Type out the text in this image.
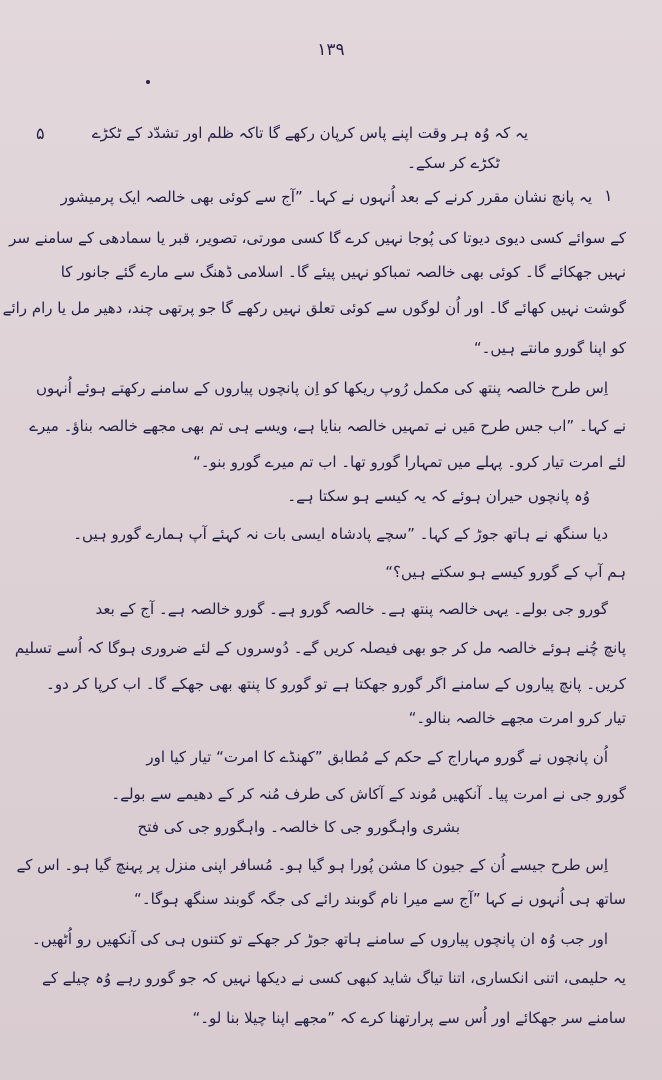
۱۳۹
۵
۱
یہ کہ وُہ ہر وقت اپنے پاس کرپان رکھے گا تاکہ ظلم اور تشدّد کے ٹکڑے
ٹکڑے کر سکے۔
یہ پانچ نشان مقرر کرنے کے بعد اُنہوں نے کہا۔ ”آج سے کوئی بھی خالصہ ایک پرمیشور
کے سوائے کسی دیوی دیوتا کی پُوجا نہیں کرے گا کسی مورتی، تصویر، قبر یا سمادھی کے سامنے سر
نہیں جھکائے گا۔ کوئی بھی خالصہ تمباکو نہیں پیئے گا۔ اسلامی ڈھنگ سے مارے گئے جانور کا
گوشت نہیں کھائے گا۔ اور اُن لوگوں سے کوئی تعلق نہیں رکھے گا جو پرتھی چند، دھیر مل یا رام رائے
کو اپنا گورو مانتے ہیں۔“
اِس طرح خالصہ پنتھ کی مکمل رُوپ ریکھا کو اِن پانچوں پیاروں کے سامنے رکھتے ہوئے اُنہوں
نے کہا۔ ”اب جس طرح مَیں نے تمہیں خالصہ بنایا ہے، ویسے ہی تم بھی مجھے خالصہ بناؤ۔ میرے
لئے امرت تیار کرو۔ پہلے میں تمہارا گورو تھا۔ اب تم میرے گورو بنو۔“
وُہ پانچوں حیران ہوئے کہ یہ کیسے ہو سکتا ہے۔
دیا سنگھ نے ہاتھ جوڑ کے کہا۔ ”سچے پادشاہ ایسی بات نہ کہئے آپ ہمارے گورو ہیں۔
ہم آپ کے گورو کیسے ہو سکتے ہیں؟“
گورو جی بولے۔ یہی خالصہ پنتھ ہے۔ خالصہ گورو ہے۔ گورو خالصہ ہے۔ آج کے بعد
پانچ چُنے ہوئے خالصہ مل کر جو بھی فیصلہ کریں گے۔ دُوسروں کے لئے ضروری ہوگا کہ اُسے تسلیم
کریں۔ پانچ پیاروں کے سامنے اگر گورو جھکتا ہے تو گورو کا پنتھ بھی جھکے گا۔ اب کرپا کر دو۔
تیار کرو امرت مجھے خالصہ بنالو۔“
اُن پانچوں نے گورو مہاراج کے حکم کے مُطابق ”کھنڈے کا امرت“ تیار کیا اور
گورو جی نے امرت پیا۔ آنکھیں مُوند کے آکاش کی طرف مُنہ کر کے دھیمے سے بولے۔
بشری واہگورو جی کا خالصہ۔ واہگورو جی کی فتح
اِس طرح جیسے اُن کے جیون کا مشن پُورا ہو گیا ہو۔ مُسافر اپنی منزل پر پہنچ گیا ہو۔ اس کے
ساتھ ہی اُنہوں نے کہا ”آج سے میرا نام گوبند رائے کی جگہ گوبند سنگھ ہوگا۔“
اور جب وُہ ان پانچوں پیاروں کے سامنے ہاتھ جوڑ کر جھکے تو کتنوں ہی کی آنکھیں رو اُٹھیں۔
یہ حلیمی، اتنی انکساری، اتنا تیاگ شاید کبھی کسی نے دیکھا نہیں کہ جو گورو رہے وُہ چیلے کے
سامنے سر جھکائے اور اُس سے پرارتھنا کرے کہ ”مجھے اپنا چیلا بنا لو۔“
